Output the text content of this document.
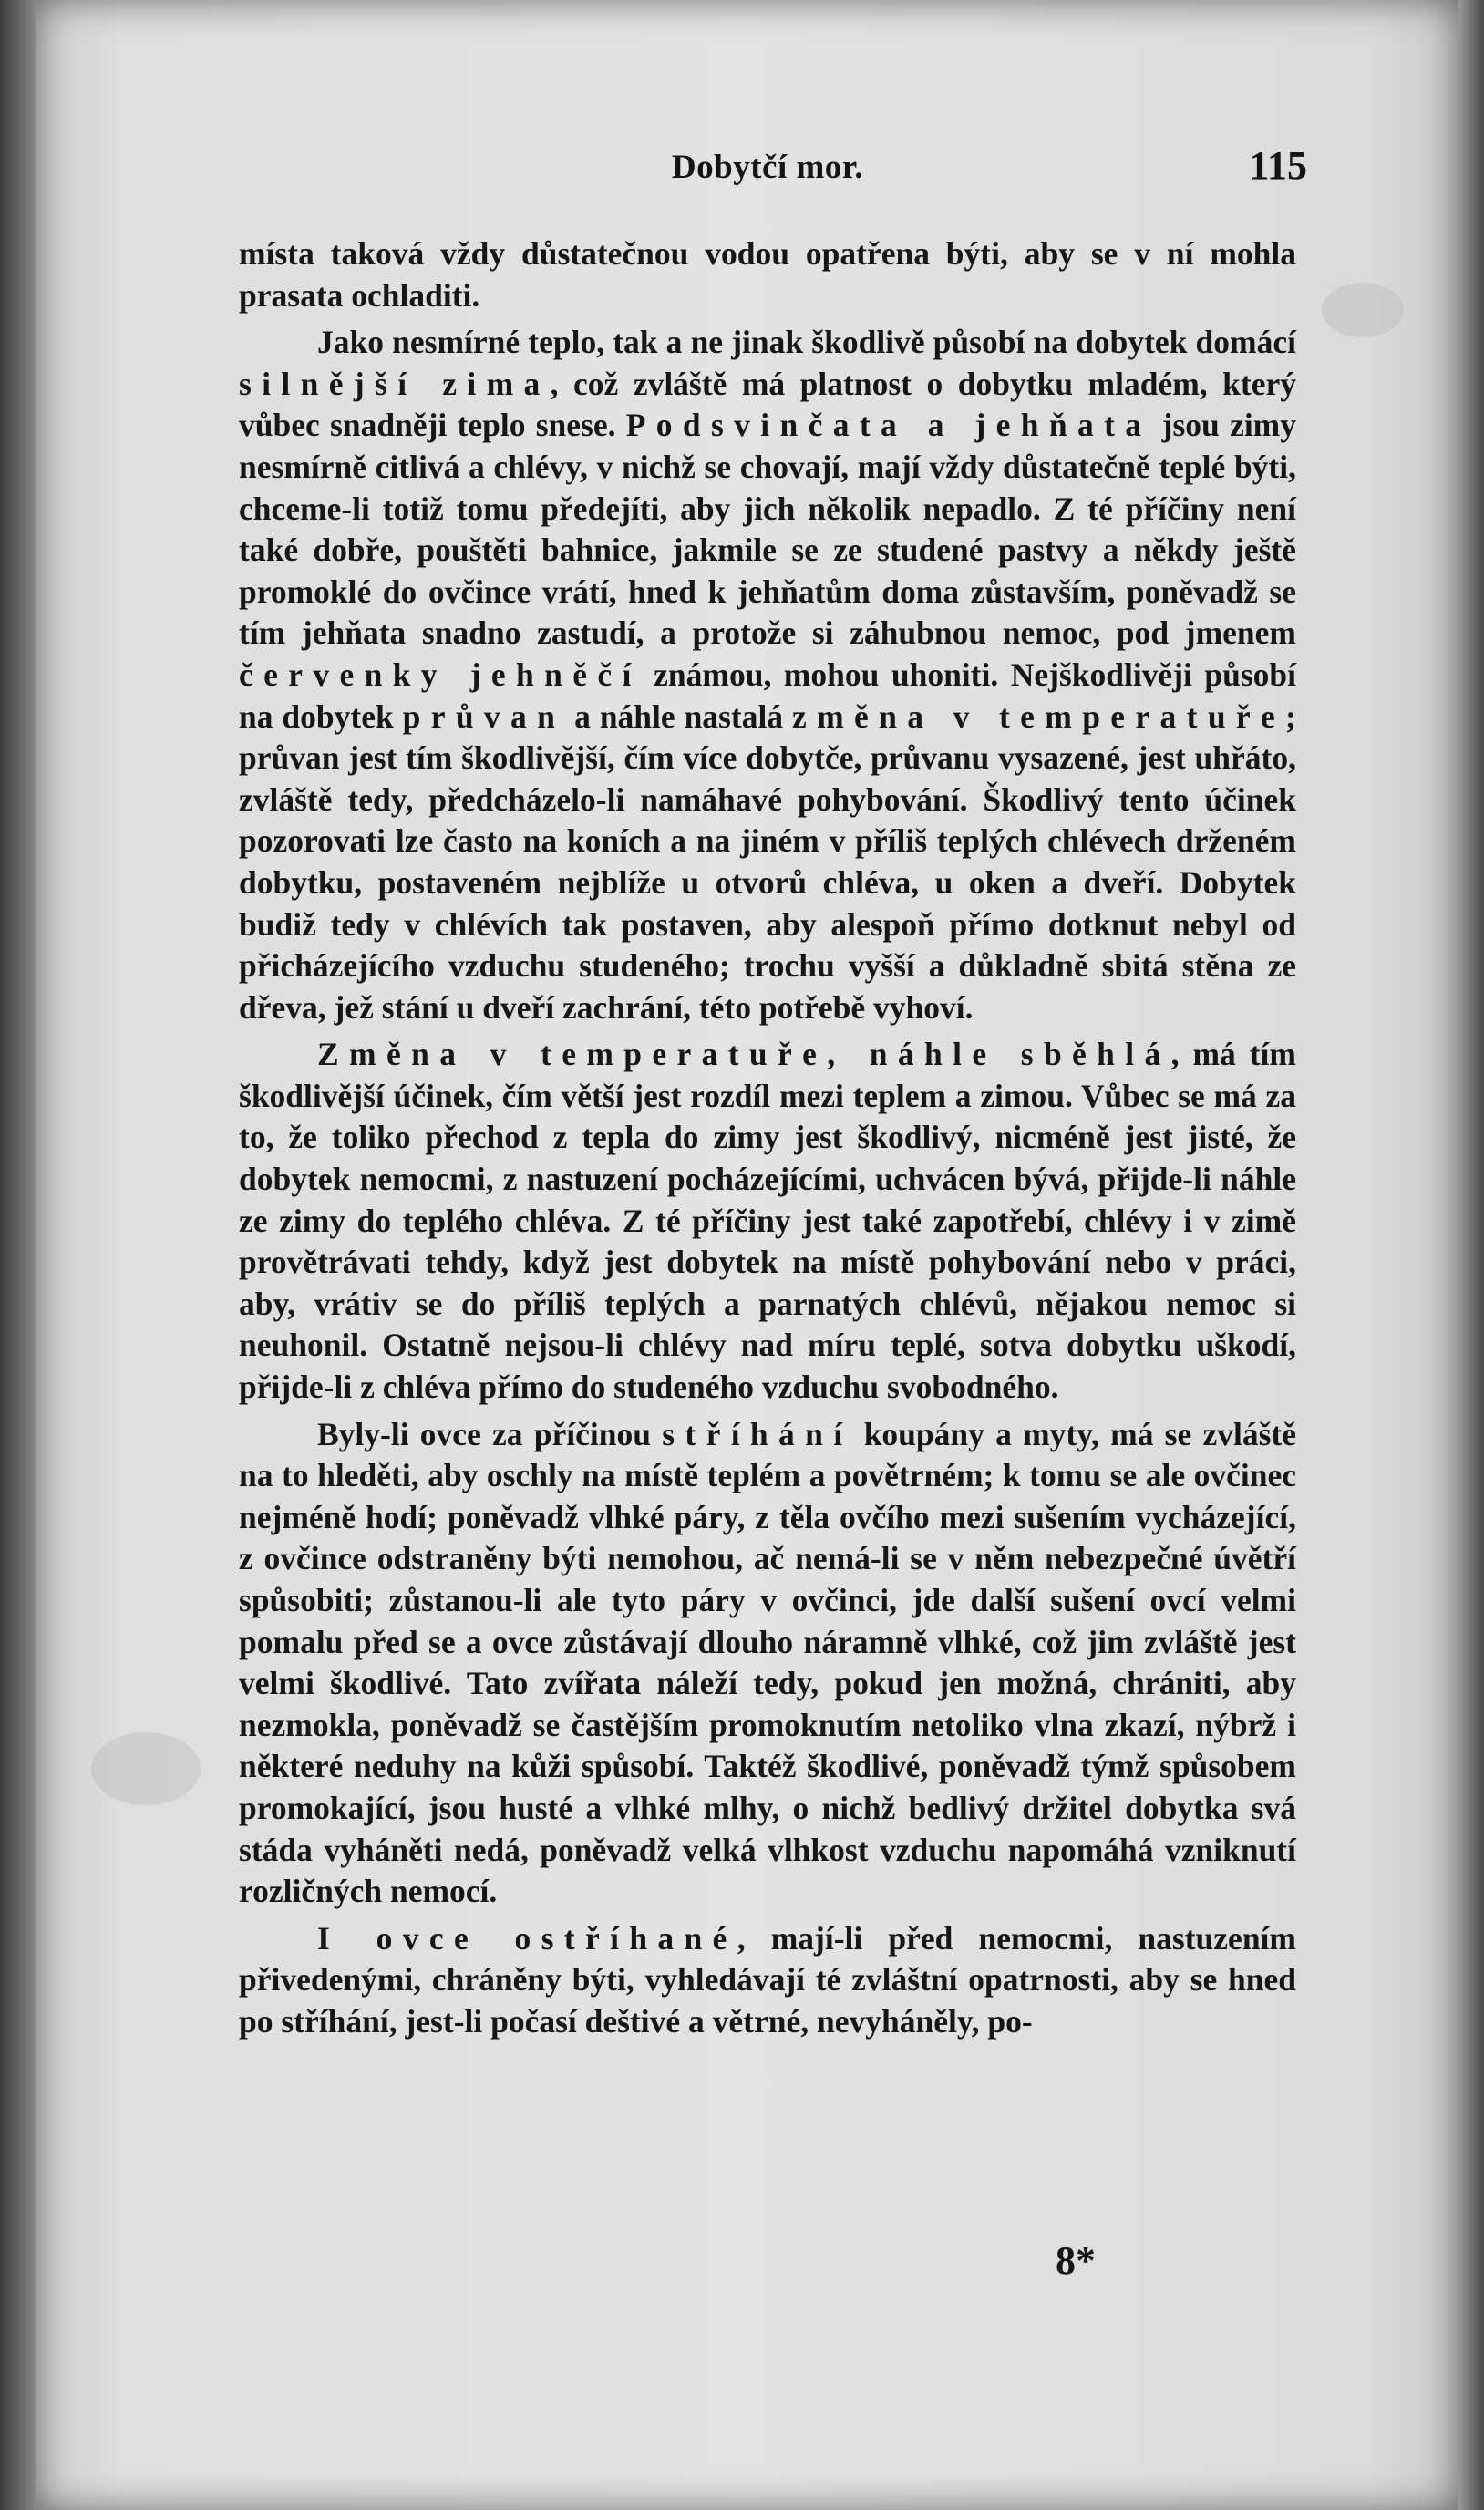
Dobytčí mor.	115

místa taková vždy důstatečnou vodou opatřena býti, aby se v ní mohla prasata ochladiti.

Jako nesmírné teplo, tak a ne jinak škodlivě působí na dobytek domácí silnější zima, což zvláště má platnost o dobytku mladém, který vůbec snadněji teplo snese. Podsvinčata a jehňata jsou zimy nesmírně citlivá a chlévy, v nichž se chovají, mají vždy důstatečně teplé býti, chceme-li totiž tomu předejíti, aby jich několik nepadlo. Z té příčiny není také dobře, pouštěti bahnice, jakmile se ze studené pastvy a někdy ještě promoklé do ovčince vrátí, hned k jehňatům doma zůstavším, poněvadž se tím jehňata snadno zastudí, a protože si záhubnou nemoc, pod jmenem červenky jehněčí známou, mohou uhoniti. Nejškodlivěji působí na dobytek průvan a náhle nastalá změna v temperatuře; průvan jest tím škodlivější, čím více dobytče, průvanu vysazené, jest uhřáto, zvláště tedy, předcházelo-li namáhavé pohybování. Škodlivý tento účinek pozorovati lze často na koních a na jiném v příliš teplých chlévech drženém dobytku, postaveném nejblíže u otvorů chléva, u oken a dveří. Dobytek budiž tedy v chlévích tak postaven, aby alespoň přímo dotknut nebyl od přicházejícího vzduchu studeného; trochu vyšší a důkladně sbitá stěna ze dřeva, jež stání u dveří zachrání, této potřebě vyhoví.

Změna v temperatuře, náhle sběhlá, má tím škodlivější účinek, čím větší jest rozdíl mezi teplem a zimou. Vůbec se má za to, že toliko přechod z tepla do zimy jest škodlivý, nicméně jest jisté, že dobytek nemocmi, z nastuzení pocházejícími, uchvácen bývá, přijde-li náhle ze zimy do teplého chléva. Z té příčiny jest také zapotřebí, chlévy i v zimě provětrávati tehdy, když jest dobytek na místě pohybování nebo v práci, aby, vrátiv se do příliš teplých a parnatých chlévů, nějakou nemoc si neuhonil. Ostatně nejsou-li chlévy nad míru teplé, sotva dobytku uškodí, přijde-li z chléva přímo do studeného vzduchu svobodného.

Byly-li ovce za příčinou stříhání koupány a myty, má se zvláště na to hleděti, aby oschly na místě teplém a povětrném; k tomu se ale ovčinec nejméně hodí; poněvadž vlhké páry, z těla ovčího mezi sušením vycházející, z ovčince odstraněny býti nemohou, ač nemá-li se v něm nebezpečné úvětří spůsobiti; zůstanou-li ale tyto páry v ovčinci, jde další sušení ovcí velmi pomalu před se a ovce zůstávají dlouho náramně vlhké, což jim zvláště jest velmi škodlivé. Tato zvířata náleží tedy, pokud jen možná, chrániti, aby nezmokla, poněvadž se častějším promoknutím netoliko vlna zkazí, nýbrž i některé neduhy na kůži spůsobí. Taktéž škodlivé, poněvadž týmž spůsobem promokající, jsou husté a vlhké mlhy, o nichž bedlivý držitel dobytka svá stáda vyháněti nedá, poněvadž velká vlhkost vzduchu napomáhá vzniknutí rozličných nemocí.

I ovce ostříhané, mají-li před nemocmi, nastuzením přivedenými, chráněny býti, vyhledávají té zvláštní opatrnosti, aby se hned po stříhání, jest-li počasí deštivé a větrné, nevyháněly, po-

8*
